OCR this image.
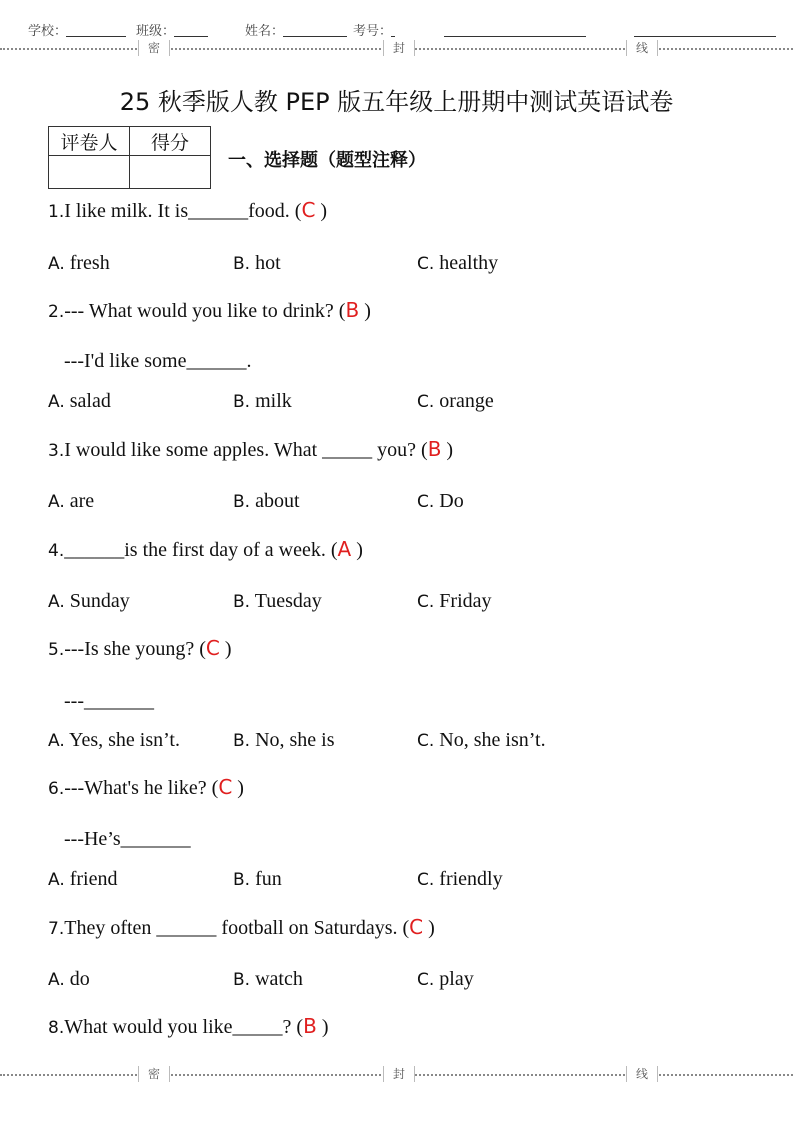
学校：	班级：	姓名：	考号：
密	封	线
25 秋季版人教 PEP 版五年级上册期中测试英语试卷
评卷人	得分

一、选择题（题型注释）
1.I like milk. It is______food. (C )
A. fresh	B. hot	C. healthy
2.--- What would you like to drink? (B )
---I'd like some______.
A. salad	B. milk	C. orange
3.I would like some apples. What _____ you? (B )
A. are	B. about	C. Do
4.______is the first day of a week. (A )
A. Sunday	B. Tuesday	C. Friday
5.---Is she young? (C )
---_______
A. Yes, she isn’t.	B. No, she is	C. No, she isn’t.
6.---What's he like? (C )
---He’s_______
A. friend	B. fun	C. friendly
7.They often ______ football on Saturdays. (C )
A. do	B. watch	C. play
8.What would you like_____? (B )
密	封	线
